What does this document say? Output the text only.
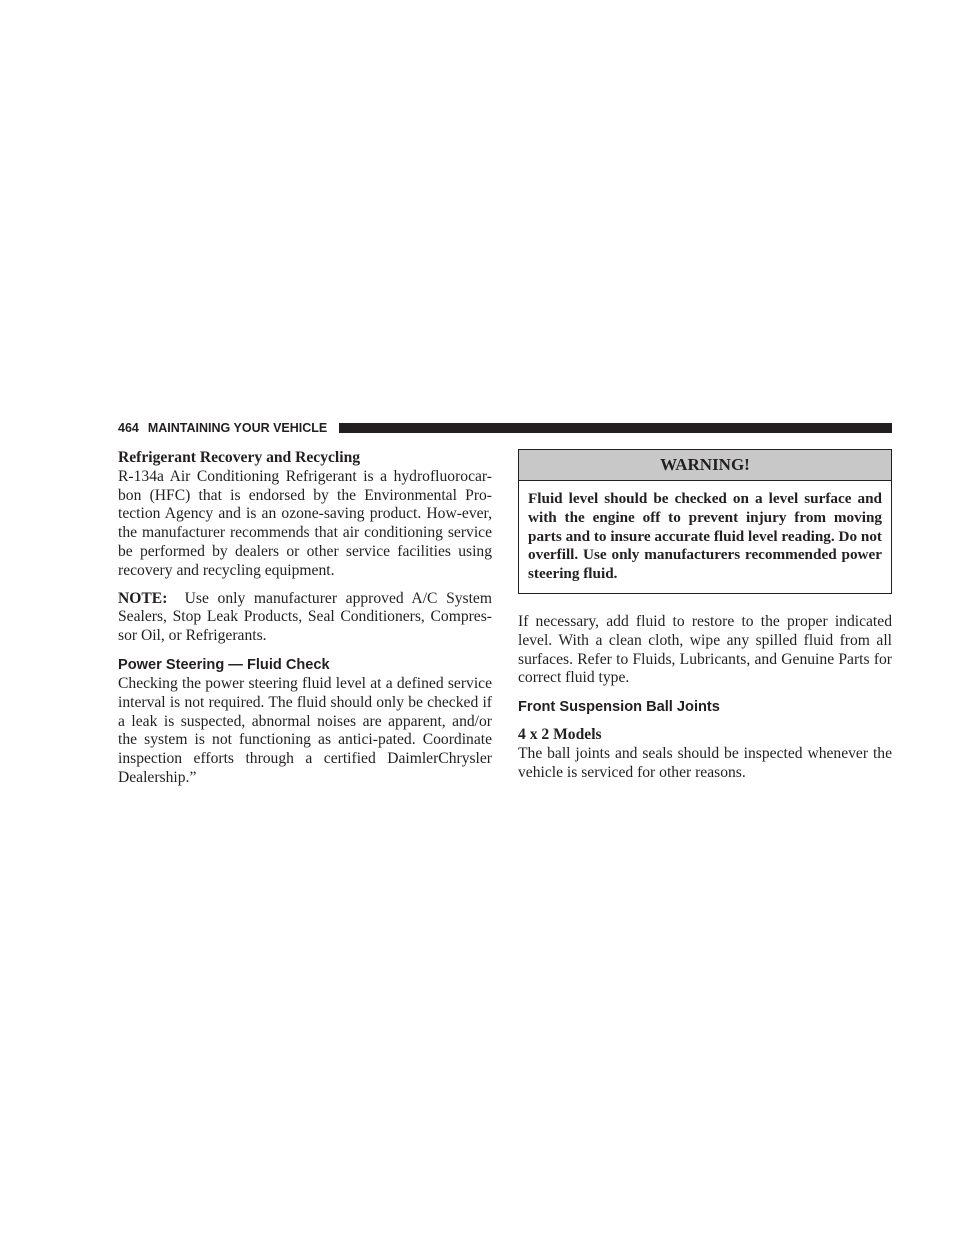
464 MAINTAINING YOUR VEHICLE
Refrigerant Recovery and Recycling

R-134a Air Conditioning Refrigerant is a hydrofluorocar-bon (HFC) that is endorsed by the Environmental Pro-tection Agency and is an ozone-saving product. How-ever, the manufacturer recommends that air conditioning service be performed by dealers or other service facilities using recovery and recycling equipment.

NOTE: Use only manufacturer approved A/C System Sealers, Stop Leak Products, Seal Conditioners, Compres-sor Oil, or Refrigerants.

Power Steering — Fluid Check

Checking the power steering fluid level at a defined service interval is not required. The fluid should only be checked if a leak is suspected, abnormal noises are apparent, and/or the system is not functioning as antici-pated. Coordinate inspection efforts through a certified DaimlerChrysler Dealership.”

WARNING!
Fluid level should be checked on a level surface and with the engine off to prevent injury from moving parts and to insure accurate fluid level reading. Do not overfill. Use only manufacturers recommended power steering fluid.

If necessary, add fluid to restore to the proper indicated level. With a clean cloth, wipe any spilled fluid from all surfaces. Refer to Fluids, Lubricants, and Genuine Parts for correct fluid type.

Front Suspension Ball Joints
4 x 2 Models

The ball joints and seals should be inspected whenever the vehicle is serviced for other reasons.
